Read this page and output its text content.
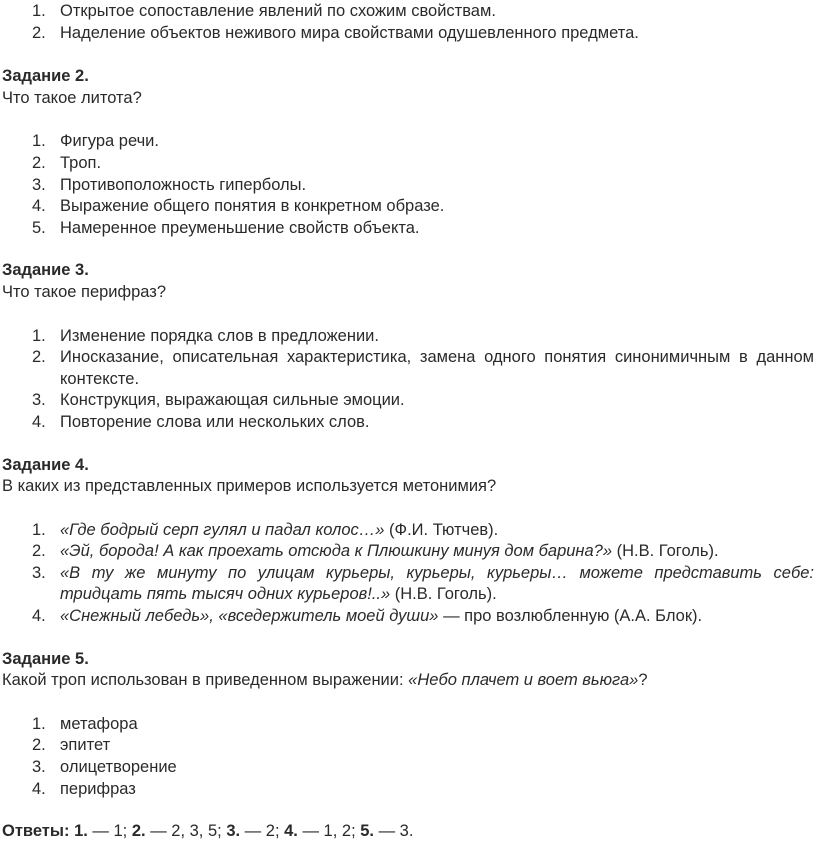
1. Открытое сопоставление явлений по схожим свойствам.
2. Наделение объектов неживого мира свойствами одушевленного предмета.
Задание 2.
Что такое литота?
1. Фигура речи.
2. Троп.
3. Противоположность гиперболы.
4. Выражение общего понятия в конкретном образе.
5. Намеренное преуменьшение свойств объекта.
Задание 3.
Что такое перифраз?
1. Изменение порядка слов в предложении.
2. Иносказание, описательная характеристика, замена одного понятия синонимичным в данном контексте.
3. Конструкция, выражающая сильные эмоции.
4. Повторение слова или нескольких слов.
Задание 4.
В каких из представленных примеров используется метонимия?
1. «Где бодрый серп гулял и падал колос…» (Ф.И. Тютчев).
2. «Эй, борода! А как проехать отсюда к Плюшкину минуя дом барина?» (Н.В. Гоголь).
3. «В ту же минуту по улицам курьеры, курьеры, курьеры… можете представить себе: тридцать пять тысяч одних курьеров!..» (Н.В. Гоголь).
4. «Снежный лебедь», «вседержитель моей души» — про возлюбленную (А.А. Блок).
Задание 5.
Какой троп использован в приведенном выражении: «Небо плачет и воет вьюга»?
1. метафора
2. эпитет
3. олицетворение
4. перифраз
Ответы: 1. — 1; 2. — 2, 3, 5; 3. — 2; 4. — 1, 2; 5. — 3.
